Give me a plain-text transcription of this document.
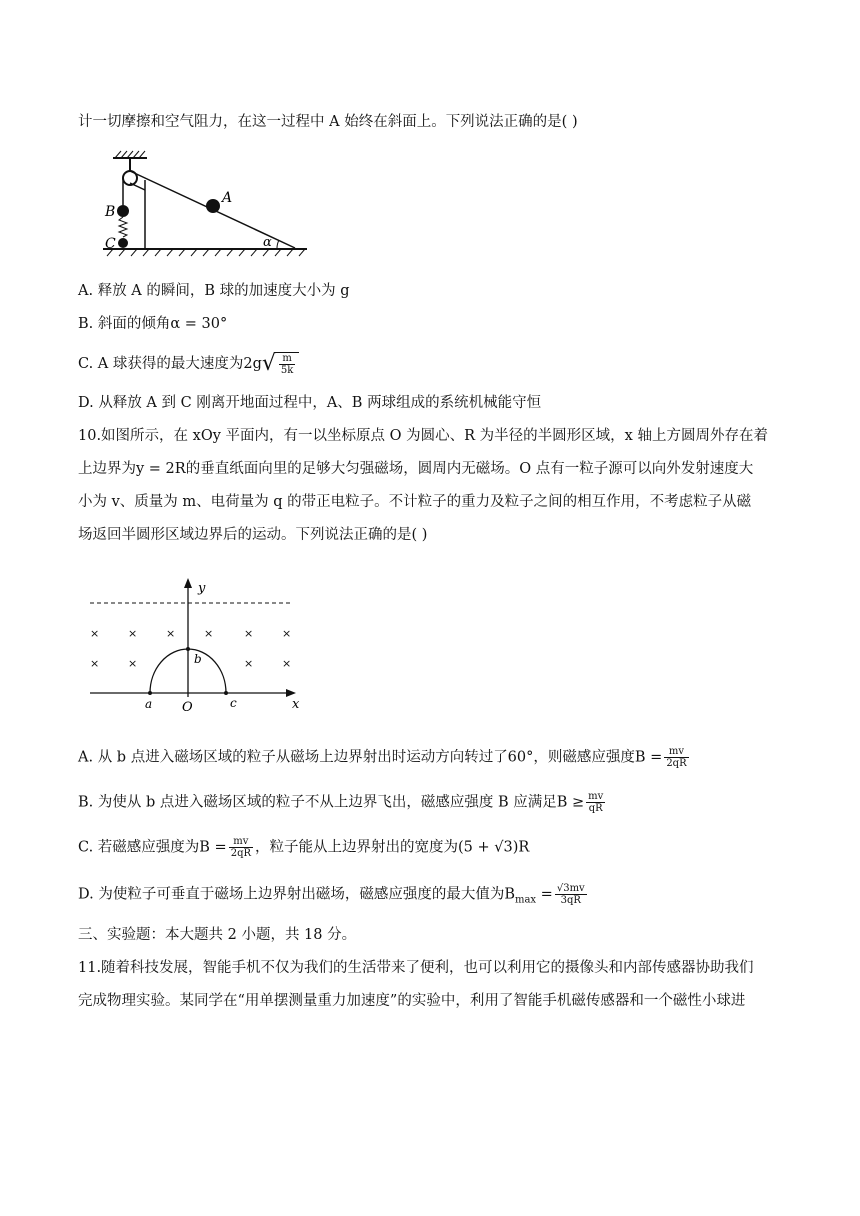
计一切摩擦和空气阻力，在这一过程中 A 始终在斜面上。下列说法正确的是( )
A
B
C	α
A. 释放 A 的瞬间，B 球的加速度大小为 g
B. 斜面的倾角α = 30°
C. A 球获得的最大速度为$2g√ \frac{m}{5k}$
D. 从释放 A 到 C 刚离开地面过程中，A、B 两球组成的系统机械能守恒
10.如图所示，在 xOy 平面内，有一以坐标原点 O 为圆心、R 为半径的半圆形区域，x 轴上方圆周外存在着
上边界为y = 2R的垂直纸面向里的足够大匀强磁场，圆周内无磁场。O 点有一粒子源可以向外发射速度大
小为 v、质量为 m、电荷量为 q 的带正电粒子。不计粒子的重力及粒子之间的相互作用，不考虑粒子从磁
场返回半圆形区域边界后的运动。下列说法正确的是( )
y
x
a
b
c
O
×	×	×	×	×	×
×	×	×	×
A. 从 b 点进入磁场区域的粒子从磁场上边界射出时运动方向转过了60°，则磁感应强度$B = \frac{mv}{2qR}$
B. 为使从 b 点进入磁场区域的粒子不从上边界飞出，磁感应强度 B 应满足$B \ge \frac{mv}{qR}$
C. 若磁感应强度为$B = \frac{mv}{2qR}$ ，粒子能从上边界射出的宽度为(5 + √3)R
D. 为使粒子可垂直于磁场上边界射出磁场，磁感应强度的最大值为$B_{max} = \frac{√3mv}{3qR}$
三、实验题：本大题共 2 小题，共 18 分。
11.随着科技发展，智能手机不仅为我们的生活带来了便利，也可以利用它的摄像头和内部传感器协助我们
完成物理实验。某同学在“用单摆测量重力加速度”的实验中，利用了智能手机磁传感器和一个磁性小球进
